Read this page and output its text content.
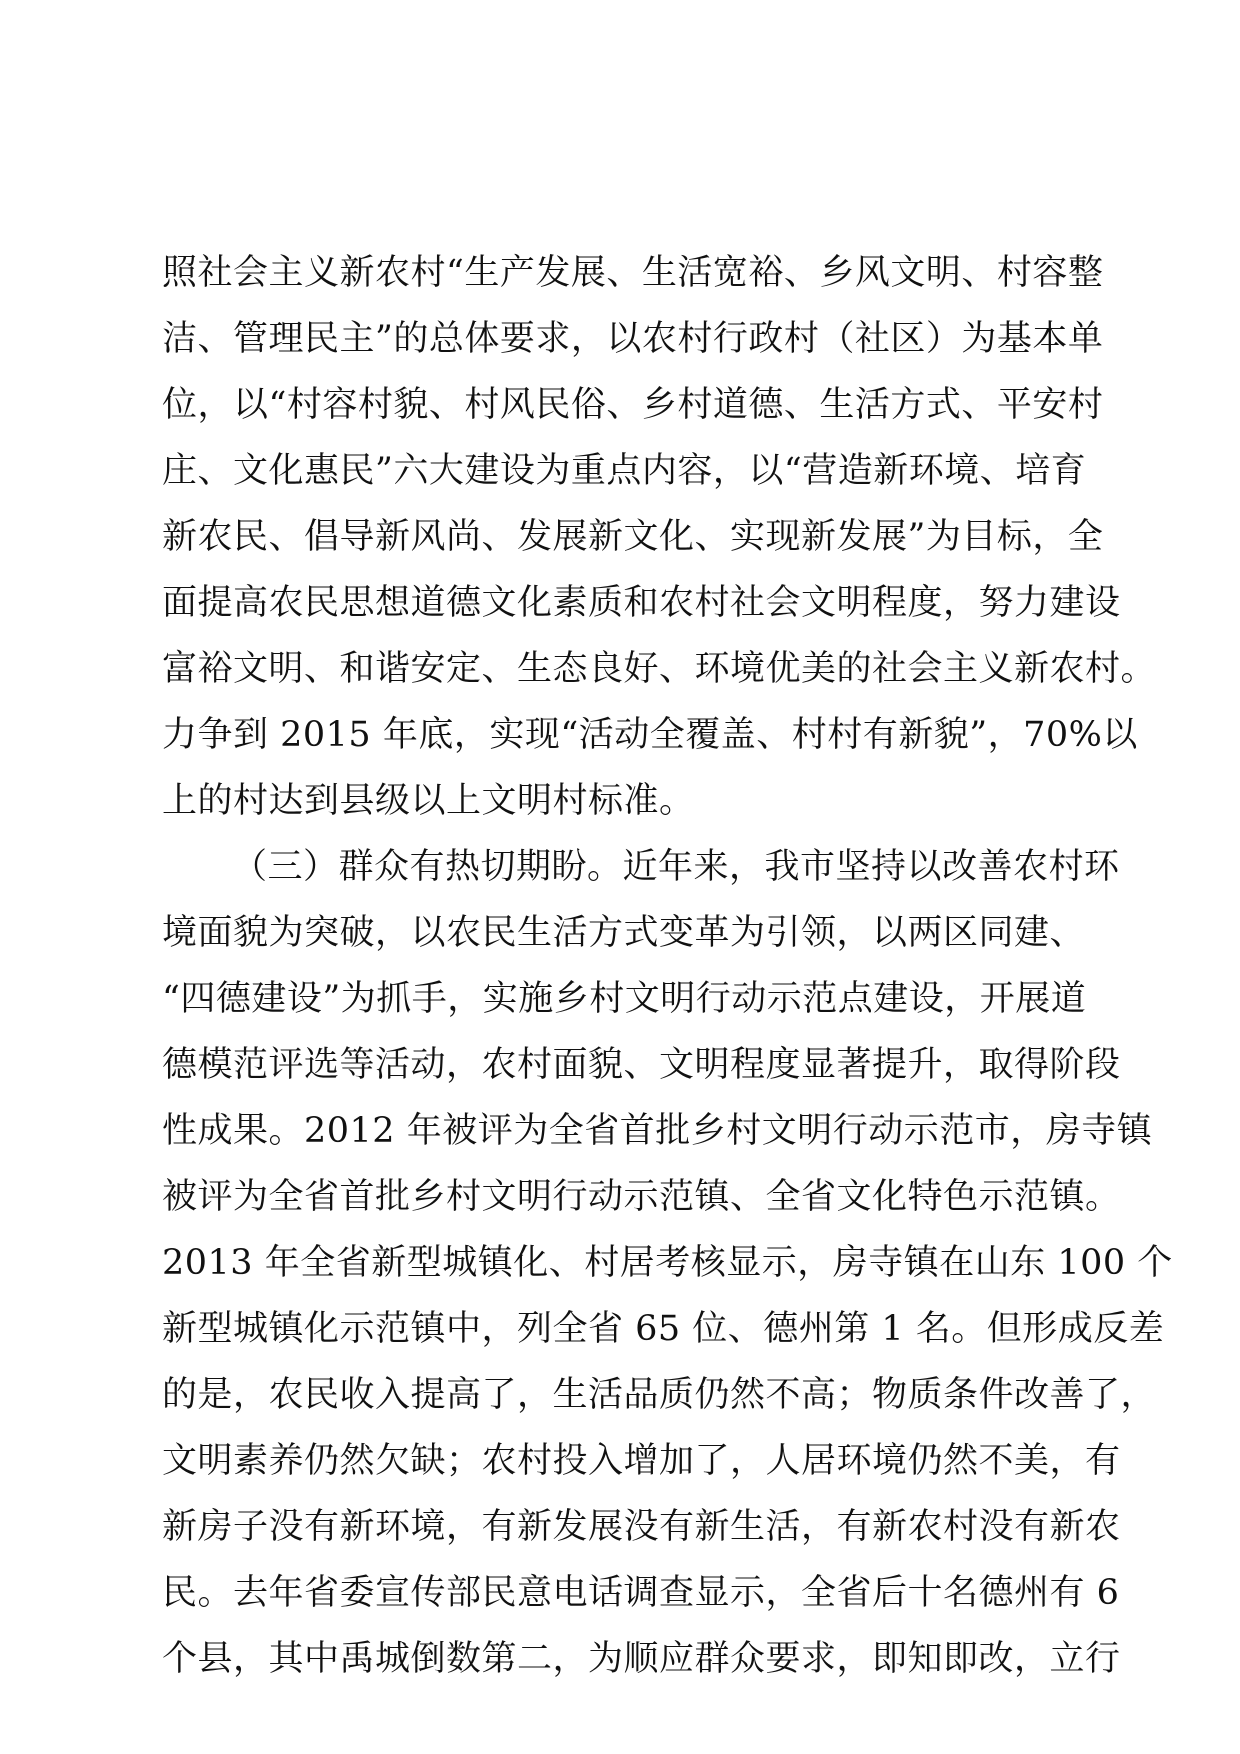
照社会主义新农村“生产发展、生活宽裕、乡风文明、村容整
洁、管理民主”的总体要求，以农村行政村（社区）为基本单
位，以“村容村貌、村风民俗、乡村道德、生活方式、平安村
庄、文化惠民”六大建设为重点内容，以“营造新环境、培育
新农民、倡导新风尚、发展新文化、实现新发展”为目标，全
面提高农民思想道德文化素质和农村社会文明程度，努力建设
富裕文明、和谐安定、生态良好、环境优美的社会主义新农村。
力争到 2015 年底，实现“活动全覆盖、村村有新貌”，70%以
上的村达到县级以上文明村标准。
（三）群众有热切期盼。近年来，我市坚持以改善农村环
境面貌为突破，以农民生活方式变革为引领，以两区同建、
“四德建设”为抓手，实施乡村文明行动示范点建设，开展道
德模范评选等活动，农村面貌、文明程度显著提升，取得阶段
性成果。2012 年被评为全省首批乡村文明行动示范市，房寺镇
被评为全省首批乡村文明行动示范镇、全省文化特色示范镇。
2013 年全省新型城镇化、村居考核显示，房寺镇在山东 100 个
新型城镇化示范镇中，列全省 65 位、德州第 1 名。但形成反差
的是，农民收入提高了，生活品质仍然不高；物质条件改善了，
文明素养仍然欠缺；农村投入增加了，人居环境仍然不美，有
新房子没有新环境，有新发展没有新生活，有新农村没有新农
民。去年省委宣传部民意电话调查显示，全省后十名德州有 6
个县，其中禹城倒数第二，为顺应群众要求，即知即改，立行
